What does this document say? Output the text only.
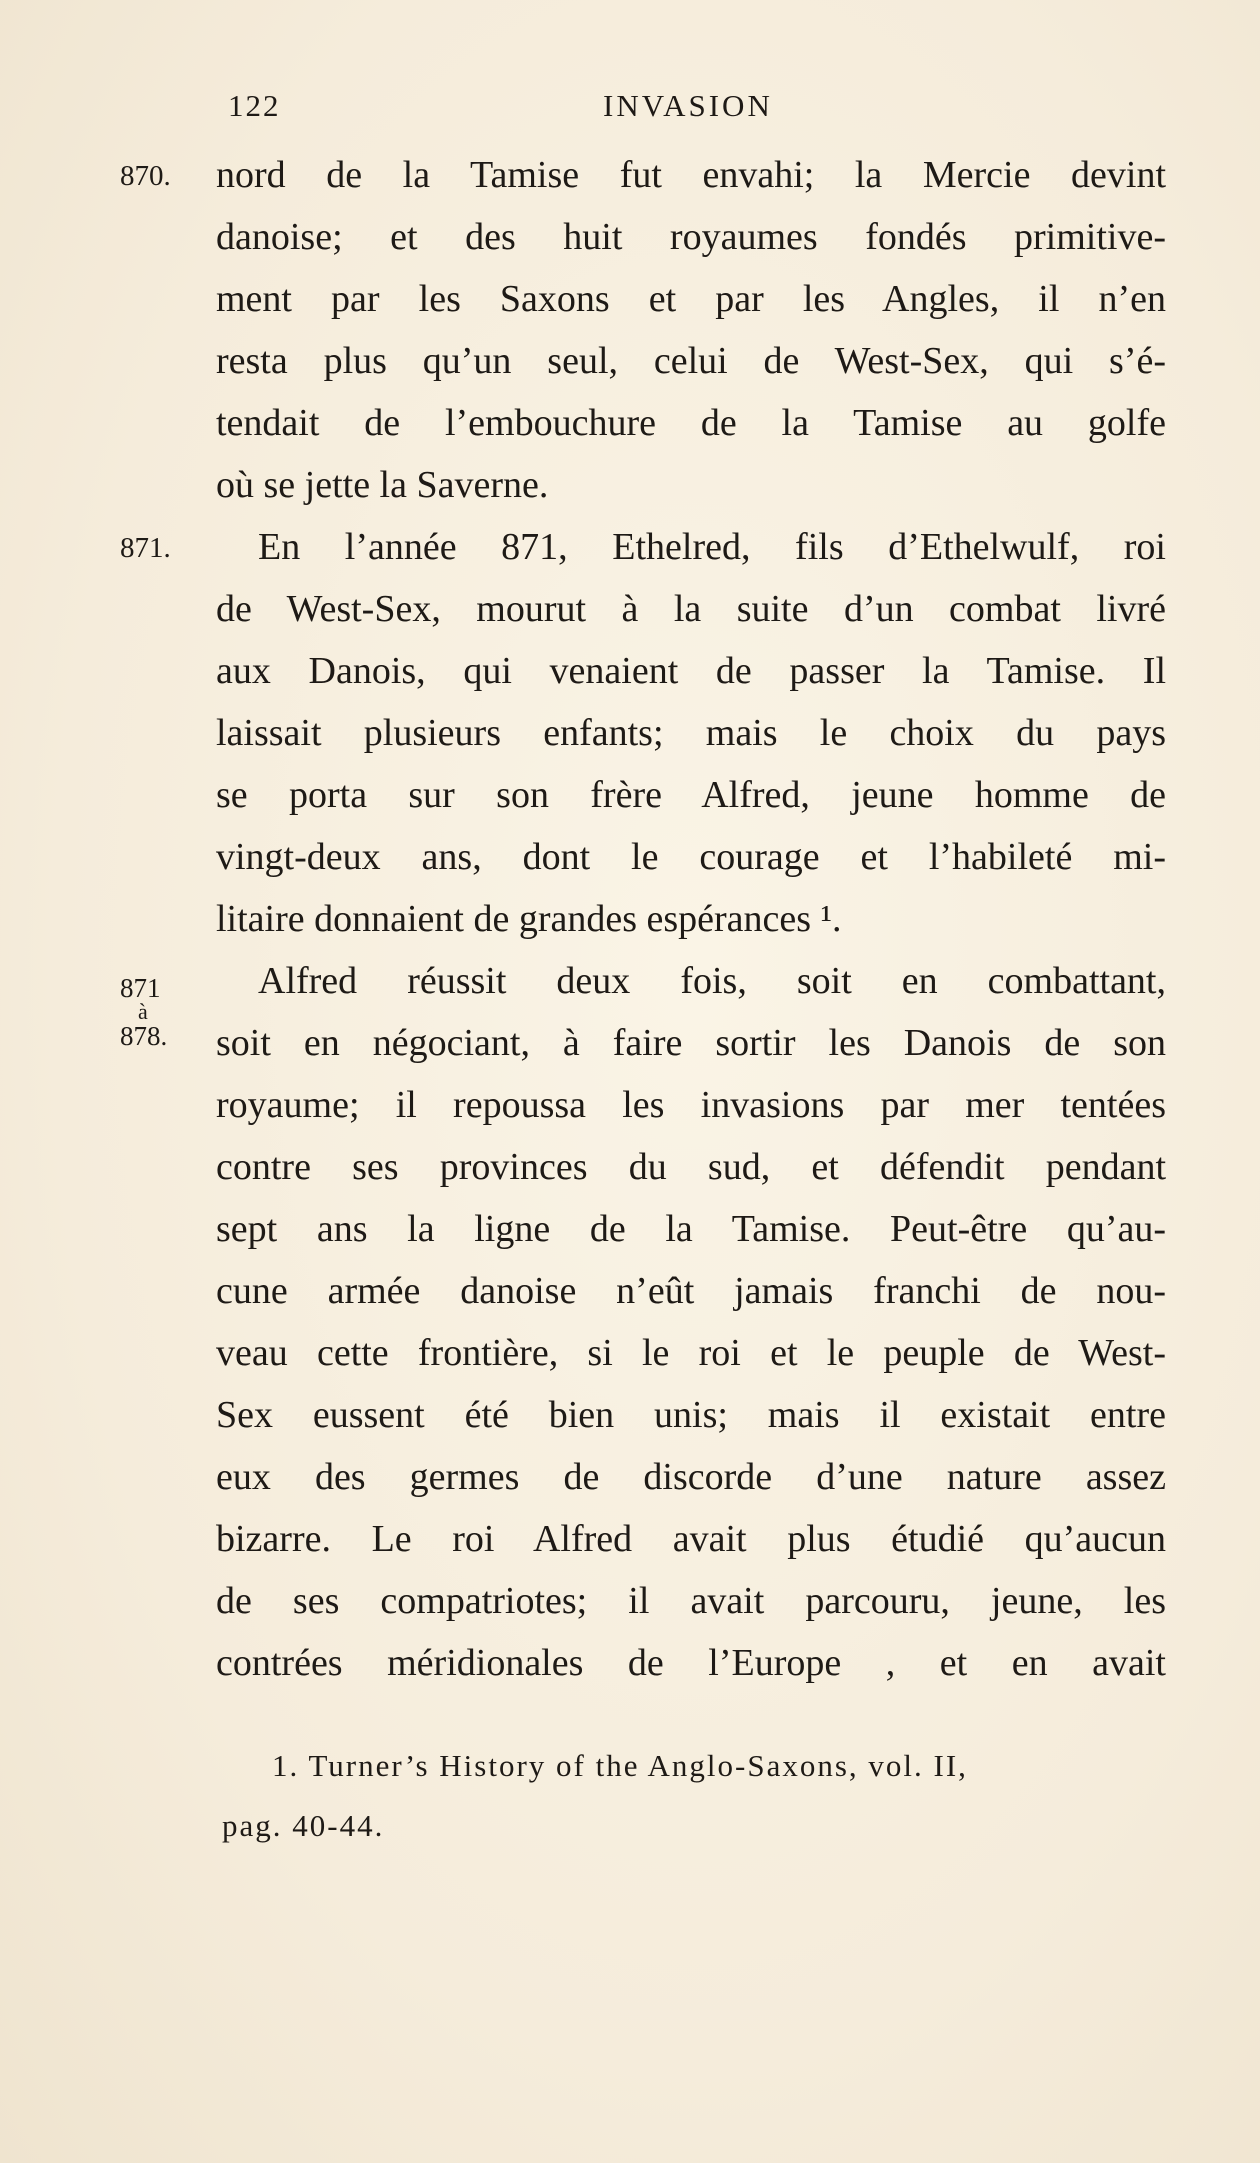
122	INVASION
870.
871.
871
à
878.
nord de la Tamise fut envahi; la Mercie devint
danoise; et des huit royaumes fondés primitive-
ment par les Saxons et par les Angles, il n’en
resta plus qu’un seul, celui de West-Sex, qui s’é-
tendait de l’embouchure de la Tamise au golfe
où se jette la Saverne.
En l’année 871, Ethelred, fils d’Ethelwulf, roi
de West-Sex, mourut à la suite d’un combat livré
aux Danois, qui venaient de passer la Tamise. Il
laissait plusieurs enfants; mais le choix du pays
se porta sur son frère Alfred, jeune homme de
vingt-deux ans, dont le courage et l’habileté mi-
litaire donnaient de grandes espérances ¹.
Alfred réussit deux fois, soit en combattant,
soit en négociant, à faire sortir les Danois de son
royaume; il repoussa les invasions par mer tentées
contre ses provinces du sud, et défendit pendant
sept ans la ligne de la Tamise. Peut-être qu’au-
cune armée danoise n’eût jamais franchi de nou-
veau cette frontière, si le roi et le peuple de West-
Sex eussent été bien unis; mais il existait entre
eux des germes de discorde d’une nature assez
bizarre. Le roi Alfred avait plus étudié qu’aucun
de ses compatriotes; il avait parcouru, jeune, les
contrées méridionales de l’Europe , et en avait
1. Turner’s History of the Anglo-Saxons, vol. II,
pag. 40-44.
